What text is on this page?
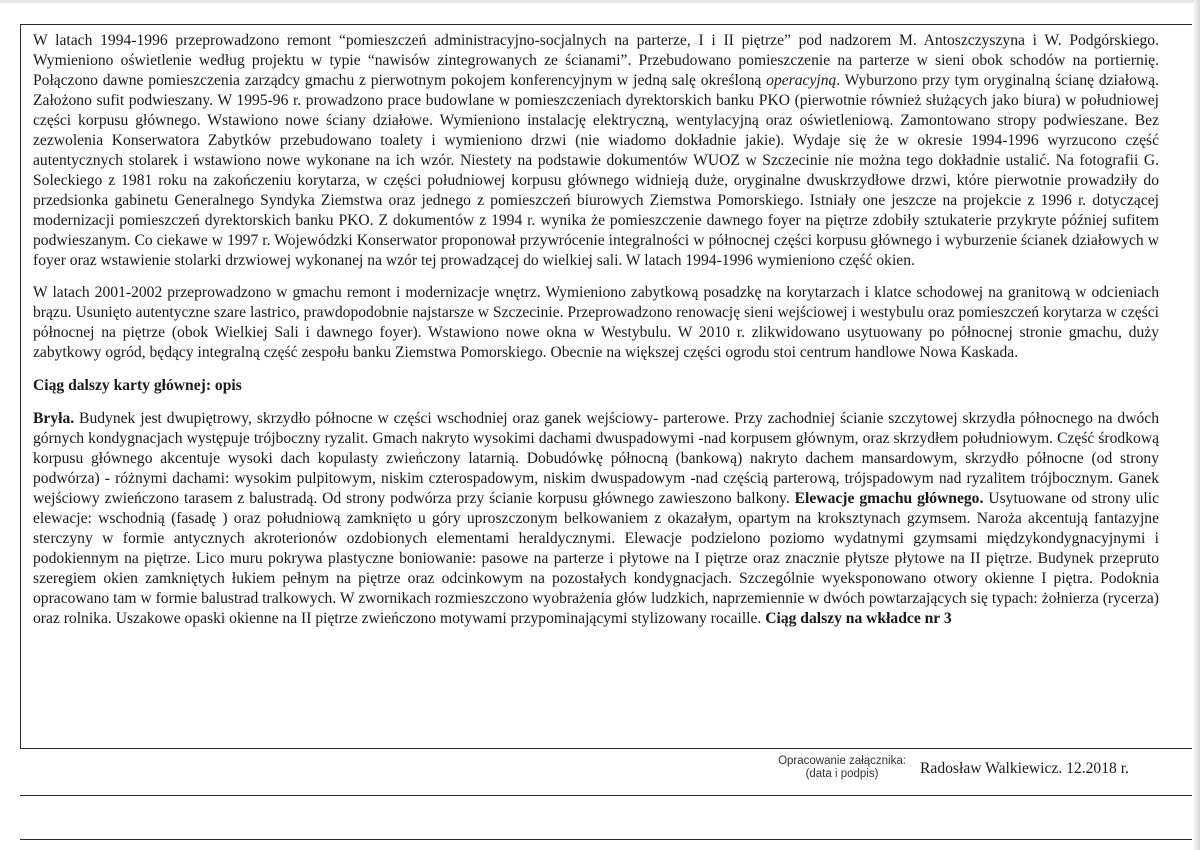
W latach 1994-1996 przeprowadzono remont “pomieszczeń administracyjno-socjalnych na parterze, I i II piętrze” pod nadzorem M. Antoszczyszyna i W. Podgórskiego. Wymieniono oświetlenie według projektu w typie “nawisów zintegrowanych ze ścianami”. Przebudowano pomieszczenie na parterze w sieni obok schodów na portiernię. Połączono dawne pomieszczenia zarządcy gmachu z pierwotnym pokojem konferencyjnym w jedną salę określoną operacyjną. Wyburzono przy tym oryginalną ścianę działową. Założono sufit podwieszany. W 1995-96 r. prowadzono prace budowlane w pomieszczeniach dyrektorskich banku PKO (pierwotnie również służących jako biura) w południowej części korpusu głównego. Wstawiono nowe ściany działowe. Wymieniono instalację elektryczną, wentylacyjną oraz oświetleniową. Zamontowano stropy podwieszane. Bez zezwolenia Konserwatora Zabytków przebudowano toalety i wymieniono drzwi (nie wiadomo dokładnie jakie). Wydaje się że w okresie 1994-1996 wyrzucono część autentycznych stolarek i wstawiono nowe wykonane na ich wzór. Niestety na podstawie dokumentów WUOZ w Szczecinie nie można tego dokładnie ustalić. Na fotografii G. Soleckiego z 1981 roku na zakończeniu korytarza, w części południowej korpusu głównego widnieją duże, oryginalne dwuskrzydłowe drzwi, które pierwotnie prowadziły do przedsionka gabinetu Generalnego Syndyka Ziemstwa oraz jednego z pomieszczeń biurowych Ziemstwa Pomorskiego. Istniały one jeszcze na projekcie z 1996 r. dotyczącej modernizacji pomieszczeń dyrektorskich banku PKO. Z dokumentów z 1994 r. wynika że pomieszczenie dawnego foyer na piętrze zdobiły sztukaterie przykryte później sufitem podwieszanym. Co ciekawe w 1997 r. Wojewódzki Konserwator proponował przywrócenie integralności w północnej części korpusu głównego i wyburzenie ścianek działowych w foyer oraz wstawienie stolarki drzwiowej wykonanej na wzór tej prowadzącej do wielkiej sali. W latach 1994-1996 wymieniono część okien.

W latach 2001-2002 przeprowadzono w gmachu remont i modernizacje wnętrz. Wymieniono zabytkową posadzkę na korytarzach i klatce schodowej na granitową w odcieniach brązu. Usunięto autentyczne szare lastrico, prawdopodobnie najstarsze w Szczecinie. Przeprowadzono renowację sieni wejściowej i westybulu oraz pomieszczeń korytarza w części północnej na piętrze (obok Wielkiej Sali i dawnego foyer). Wstawiono nowe okna w Westybulu. W 2010 r. zlikwidowano usytuowany po północnej stronie gmachu, duży zabytkowy ogród, będący integralną część zespołu banku Ziemstwa Pomorskiego. Obecnie na większej części ogrodu stoi centrum handlowe Nowa Kaskada.

Ciąg dalszy karty głównej: opis

Bryła. Budynek jest dwupiętrowy, skrzydło północne w części wschodniej oraz ganek wejściowy- parterowe. Przy zachodniej ścianie szczytowej skrzydła północnego na dwóch górnych kondygnacjach występuje trójboczny ryzalit. Gmach nakryto wysokimi dachami dwuspadowymi -nad korpusem głównym, oraz skrzydłem południowym. Część środkową korpusu głównego akcentuje wysoki dach kopulasty zwieńczony latarnią. Dobudówkę północną (bankową) nakryto dachem mansardowym, skrzydło północne (od strony podwórza) - różnymi dachami: wysokim pulpitowym, niskim czterospadowym, niskim dwuspadowym -nad częścią parterową, trójspadowym nad ryzalitem trójbocznym. Ganek wejściowy zwieńczono tarasem z balustradą. Od strony podwórza przy ścianie korpusu głównego zawieszono balkony. Elewacje gmachu głównego. Usytuowane od strony ulic elewacje: wschodnią (fasadę ) oraz południową zamknięto u góry uproszczonym belkowaniem z okazałym, opartym na kroksztynach gzymsem. Naroża akcentują fantazyjne sterczyny w formie antycznych akroterionów ozdobionych elementami heraldycznymi. Elewacje podzielono poziomo wydatnymi gzymsami międzykondygnacyjnymi i podokiennym na piętrze. Lico muru pokrywa plastyczne boniowanie: pasowe na parterze i płytowe na I piętrze oraz znacznie płytsze płytowe na II piętrze. Budynek przepruto szeregiem okien zamkniętych łukiem pełnym na piętrze oraz odcinkowym na pozostałych kondygnacjach. Szczególnie wyeksponowano otwory okienne I piętra. Podoknia opracowano tam w formie balustrad tralkowych. W zwornikach rozmieszczono wyobrażenia głów ludzkich, naprzemiennie w dwóch powtarzających się typach: żołnierza (rycerza) oraz rolnika. Uszakowe opaski okienne na II piętrze zwieńczono motywami przypominającymi stylizowany rocaille. Ciąg dalszy na wkładce nr 3

Opracowanie załącznika:
(data i podpis)	Radosław Walkiewicz. 12.2018 r.
